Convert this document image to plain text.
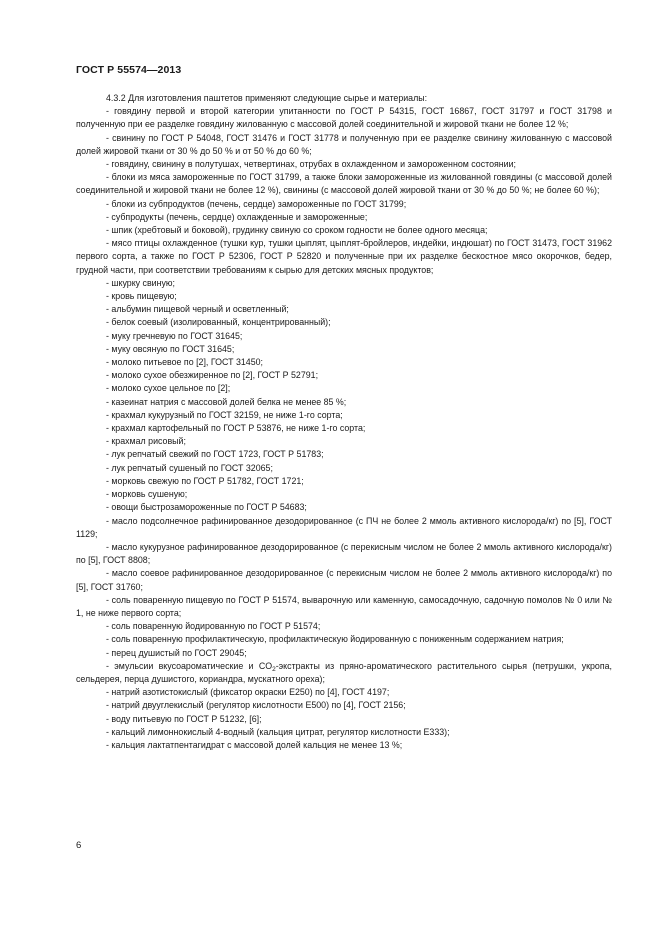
ГОСТ Р 55574—2013

4.3.2 Для изготовления паштетов применяют следующие сырье и материалы:

- говядину первой и второй категории упитанности по ГОСТ Р 54315, ГОСТ 16867, ГОСТ 31797 и ГОСТ 31798 и полученную при ее разделке говядину жилованную с массовой долей соединительной и жировой ткани не более 12 %;

- свинину по ГОСТ Р 54048, ГОСТ 31476 и ГОСТ 31778 и полученную при ее разделке свинину жилованную с массовой долей жировой ткани от 30 % до 50 % и от 50 % до 60 %;

- говядину, свинину в полутушах, четвертинах, отрубах в охлажденном и замороженном состоянии;

- блоки из мяса замороженные по ГОСТ 31799, а также блоки замороженные из жилованной говядины (с массовой долей соединительной и жировой ткани не более 12 %), свинины (с массовой долей жировой ткани от 30 % до 50 %; не более 60 %);

- блоки из субпродуктов (печень, сердце) замороженные по ГОСТ 31799;

- субпродукты (печень, сердце) охлажденные и замороженные;

- шпик (хребтовый и боковой), грудинку свиную со сроком годности не более одного месяца;

- мясо птицы охлажденное (тушки кур, тушки цыплят, цыплят-бройлеров, индейки, индюшат) по ГОСТ 31473, ГОСТ 31962 первого сорта, а также по ГОСТ Р 52306, ГОСТ Р 52820 и полученные при их разделке бескостное мясо окорочков, бедер, грудной части, при соответствии требованиям к сырью для детских мясных продуктов;

- шкурку свиную;

- кровь пищевую;

- альбумин пищевой черный и осветленный;

- белок соевый (изолированный, концентрированный);

- муку гречневую по ГОСТ 31645;

- муку овсяную по ГОСТ 31645;

- молоко питьевое по [2], ГОСТ 31450;

- молоко сухое обезжиренное по [2], ГОСТ Р 52791;

- молоко сухое цельное по [2];

- казеинат натрия с массовой долей белка не менее 85 %;

- крахмал кукурузный по ГОСТ 32159, не ниже 1-го сорта;

- крахмал картофельный по ГОСТ Р 53876, не ниже 1-го сорта;

- крахмал рисовый;

- лук репчатый свежий по ГОСТ 1723, ГОСТ Р 51783;

- лук репчатый сушеный по ГОСТ 32065;

- морковь свежую по ГОСТ Р 51782, ГОСТ 1721;

- морковь сушеную;

- овощи быстрозамороженные по ГОСТ Р 54683;

- масло подсолнечное рафинированное дезодорированное (с ПЧ не более 2 ммоль активного кислорода/кг) по [5], ГОСТ 1129;

- масло кукурузное рафинированное дезодорированное (с перекисным числом не более 2 ммоль активного кислорода/кг) по [5], ГОСТ 8808;

- масло соевое рафинированное дезодорированное (с перекисным числом не более 2 ммоль активного кислорода/кг) по [5], ГОСТ 31760;

- соль поваренную пищевую по ГОСТ Р 51574, выварочную или каменную, самосадочную, садочную помолов № 0 или № 1, не ниже первого сорта;

- соль поваренную йодированную по ГОСТ Р 51574;

- соль поваренную профилактическую, профилактическую йодированную с пониженным содержанием натрия;

- перец душистый по ГОСТ 29045;

- эмульсии вкусоароматические и $CO_2$-экстракты из пряно-ароматического растительного сырья (петрушки, укропа, сельдерея, перца душистого, кориандра, мускатного ореха);

- натрий азотистокислый (фиксатор окраски E250) по [4], ГОСТ 4197;

- натрий двууглекислый (регулятор кислотности E500) по [4], ГОСТ 2156;

- воду питьевую по ГОСТ Р 51232, [6];

- кальций лимоннокислый 4-водный (кальция цитрат, регулятор кислотности E333);

- кальция лактатпентагидрат с массовой долей кальция не менее 13 %;

6
